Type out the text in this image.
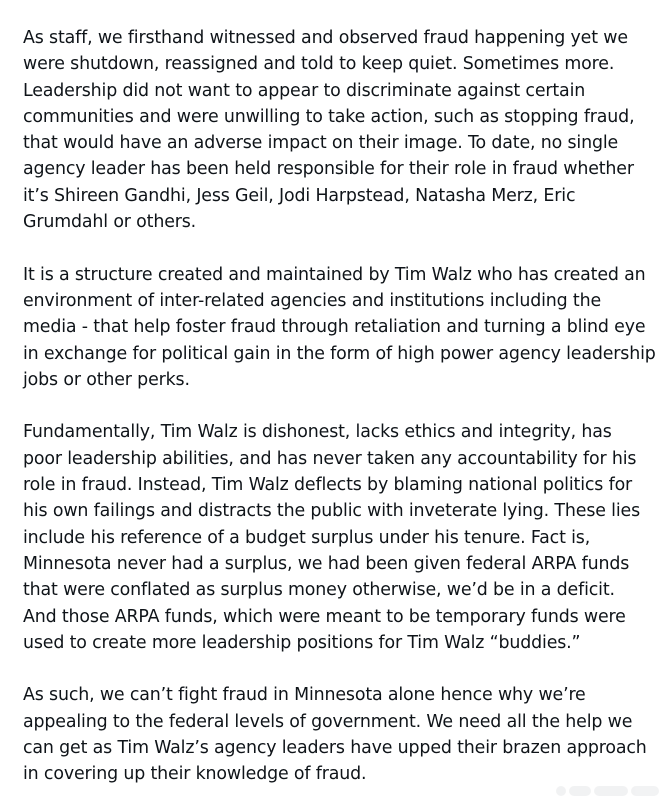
As staff, we firsthand witnessed and observed fraud happening yet we
were shutdown, reassigned and told to keep quiet. Sometimes more.
Leadership did not want to appear to discriminate against certain
communities and were unwilling to take action, such as stopping fraud,
that would have an adverse impact on their image. To date, no single
agency leader has been held responsible for their role in fraud whether
it’s Shireen Gandhi, Jess Geil, Jodi Harpstead, Natasha Merz, Eric
Grumdahl or others.

It is a structure created and maintained by Tim Walz who has created an
environment of inter-related agencies and institutions including the
media - that help foster fraud through retaliation and turning a blind eye
in exchange for political gain in the form of high power agency leadership
jobs or other perks.

Fundamentally, Tim Walz is dishonest, lacks ethics and integrity, has
poor leadership abilities, and has never taken any accountability for his
role in fraud. Instead, Tim Walz deflects by blaming national politics for
his own failings and distracts the public with inveterate lying. These lies
include his reference of a budget surplus under his tenure. Fact is,
Minnesota never had a surplus, we had been given federal ARPA funds
that were conflated as surplus money otherwise, we’d be in a deficit.
And those ARPA funds, which were meant to be temporary funds were
used to create more leadership positions for Tim Walz “buddies.”

As such, we can’t fight fraud in Minnesota alone hence why we’re
appealing to the federal levels of government. We need all the help we
can get as Tim Walz’s agency leaders have upped their brazen approach
in covering up their knowledge of fraud.
